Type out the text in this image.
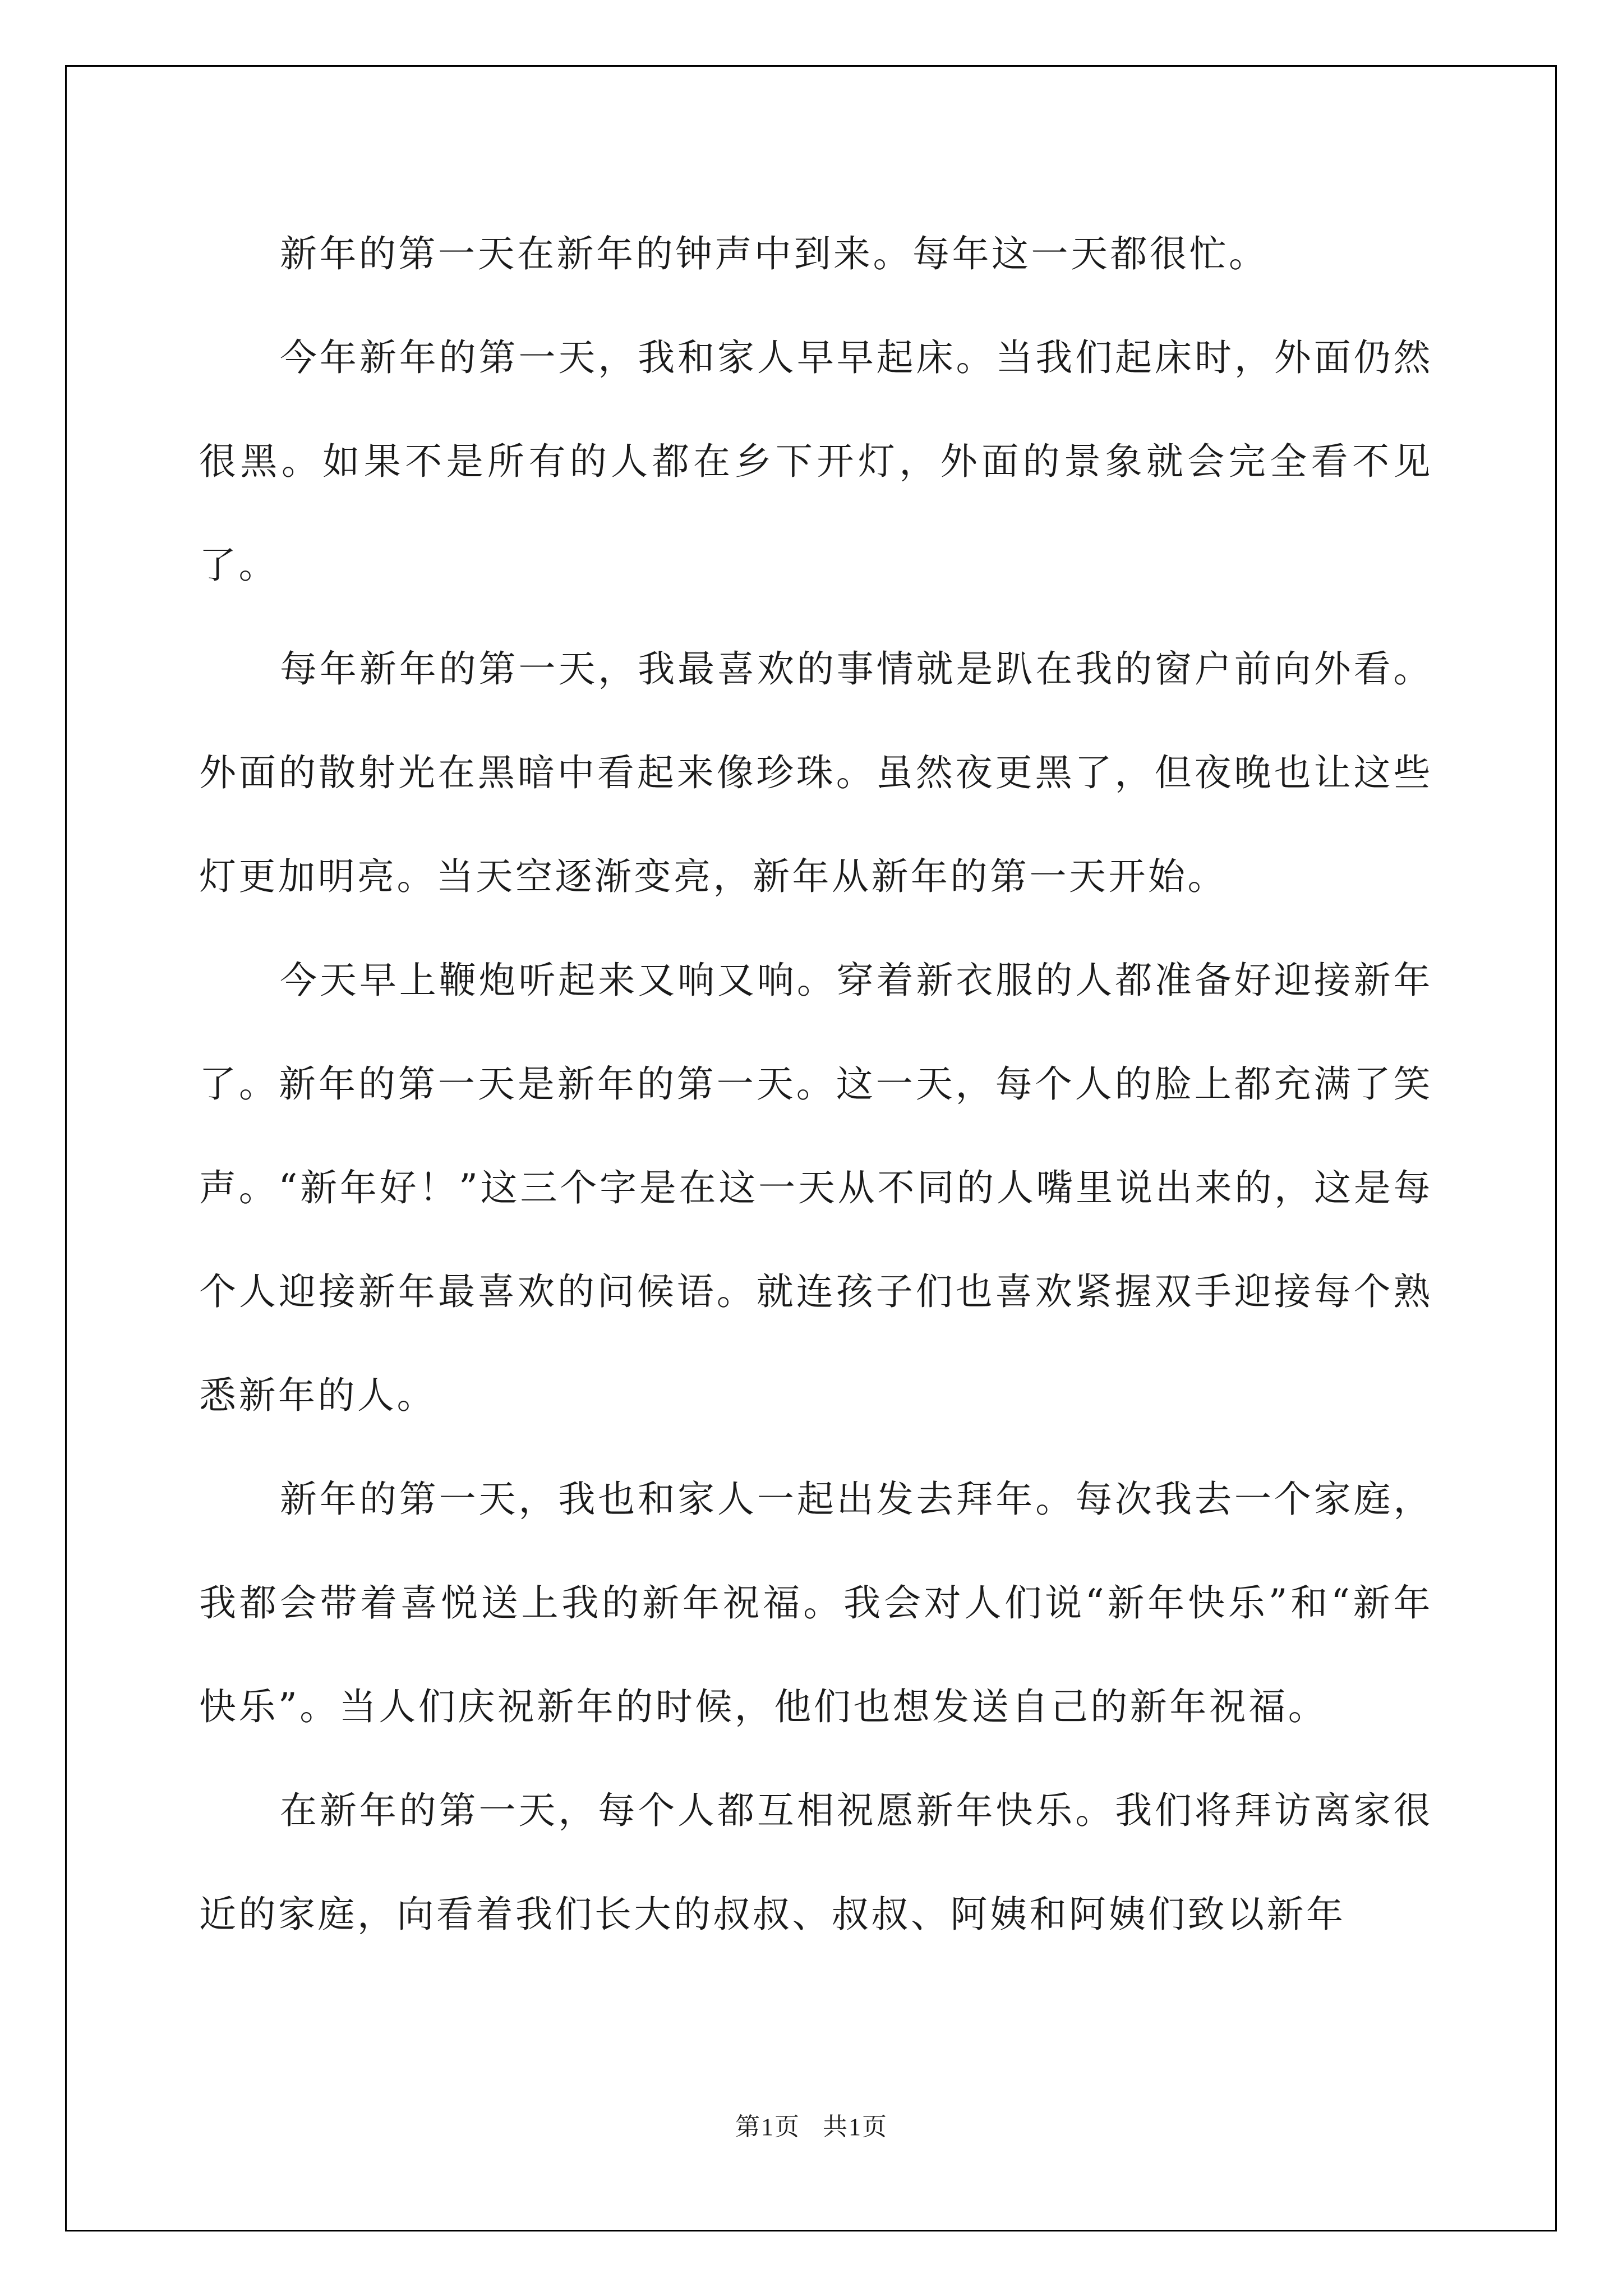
新年的第一天在新年的钟声中到来。每年这一天都很忙。

今年新年的第一天，我和家人早早起床。当我们起床时，外面仍然很黑。如果不是所有的人都在乡下开灯，外面的景象就会完全看不见了。

每年新年的第一天，我最喜欢的事情就是趴在我的窗户前向外看。外面的散射光在黑暗中看起来像珍珠。虽然夜更黑了，但夜晚也让这些灯更加明亮。当天空逐渐变亮，新年从新年的第一天开始。

今天早上鞭炮听起来又响又响。穿着新衣服的人都准备好迎接新年了。新年的第一天是新年的第一天。这一天，每个人的脸上都充满了笑声。“新年好！”这三个字是在这一天从不同的人嘴里说出来的，这是每个人迎接新年最喜欢的问候语。就连孩子们也喜欢紧握双手迎接每个熟悉新年的人。

新年的第一天，我也和家人一起出发去拜年。每次我去一个家庭，我都会带着喜悦送上我的新年祝福。我会对人们说“新年快乐”和“新年快乐”。当人们庆祝新年的时候，他们也想发送自己的新年祝福。

在新年的第一天，每个人都互相祝愿新年快乐。我们将拜访离家很近的家庭，向看着我们长大的叔叔、叔叔、阿姨和阿姨们致以新年

第1页 共1页
